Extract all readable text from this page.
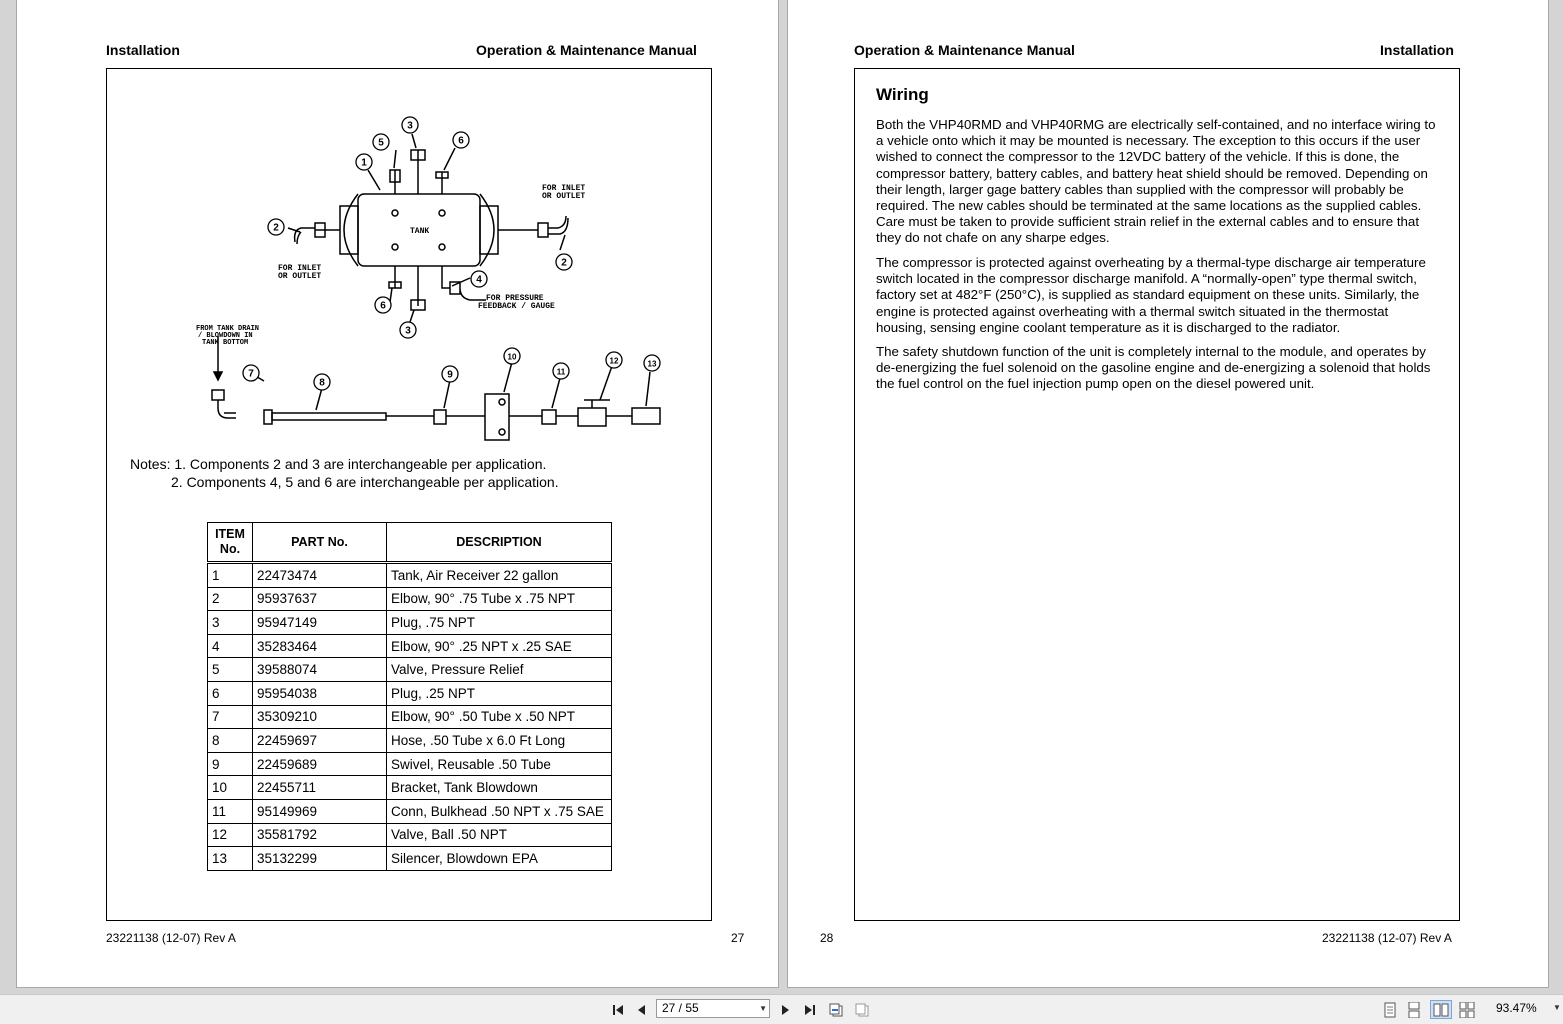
Installation	Operation & Maintenance Manual
TANK
FOR INLET
OR OUTLET
FOR INLET
OR OUTLET
FOR PRESSURE
FEEDBACK / GAUGE
FROM TANK DRAIN
/ BLOWDOWN IN
TANK BOTTOM
1
2
2
3
3
4
5
6
6
7
8
9
10
11
12	13
Notes: 1. Components 2 and 3 are interchangeable per application.
2. Components 4, 5 and 6 are interchangeable per application.
ITEM
No.	PART No.	DESCRIPTION
1	22473474	Tank, Air Receiver 22 gallon
2	95937637	Elbow, 90° .75 Tube x .75 NPT
3	95947149	Plug, .75 NPT
4	35283464	Elbow, 90° .25 NPT x .25 SAE
5	39588074	Valve, Pressure Relief
6	95954038	Plug, .25 NPT
7	35309210	Elbow, 90° .50 Tube x .50 NPT
8	22459697	Hose, .50 Tube x 6.0 Ft Long
9	22459689	Swivel, Reusable .50 Tube
10	22455711	Bracket, Tank Blowdown
11	95149969	Conn, Bulkhead .50 NPT x .75 SAE
12	35581792	Valve, Ball .50 NPT
13	35132299	Silencer, Blowdown EPA
23221138 (12-07) Rev A	27
Operation & Maintenance Manual	Installation
Wiring

Both the VHP40RMD and VHP40RMG are electrically self-contained, and no interface wiring to a vehicle onto which it may be mounted is necessary. The exception to this occurs if the user wished to connect the compressor to the 12VDC battery of the vehicle. If this is done, the compressor battery, battery cables, and battery heat shield should be removed. Depending on their length, larger gage battery cables than supplied with the compressor will probably be required. The new cables should be terminated at the same locations as the supplied cables. Care must be taken to provide sufficient strain relief in the external cables and to ensure that they do not chafe on any sharpe edges.

The compressor is protected against overheating by a thermal-type discharge air temperature switch located in the compressor discharge manifold. A “normally-open” type thermal switch, factory set at 482°F (250°C), is supplied as standard equipment on these units. Similarly, the engine is protected against overheating with a thermal switch situated in the thermostat housing, sensing engine coolant temperature as it is discharged to the radiator.

The safety shutdown function of the unit is completely internal to the module, and operates by de-energizing the fuel solenoid on the gasoline engine and de-energizing a solenoid that holds the fuel control on the fuel injection pump open on the diesel powered unit.

28	23221138 (12-07) Rev A
27 / 55	▼	93.47% ▼
